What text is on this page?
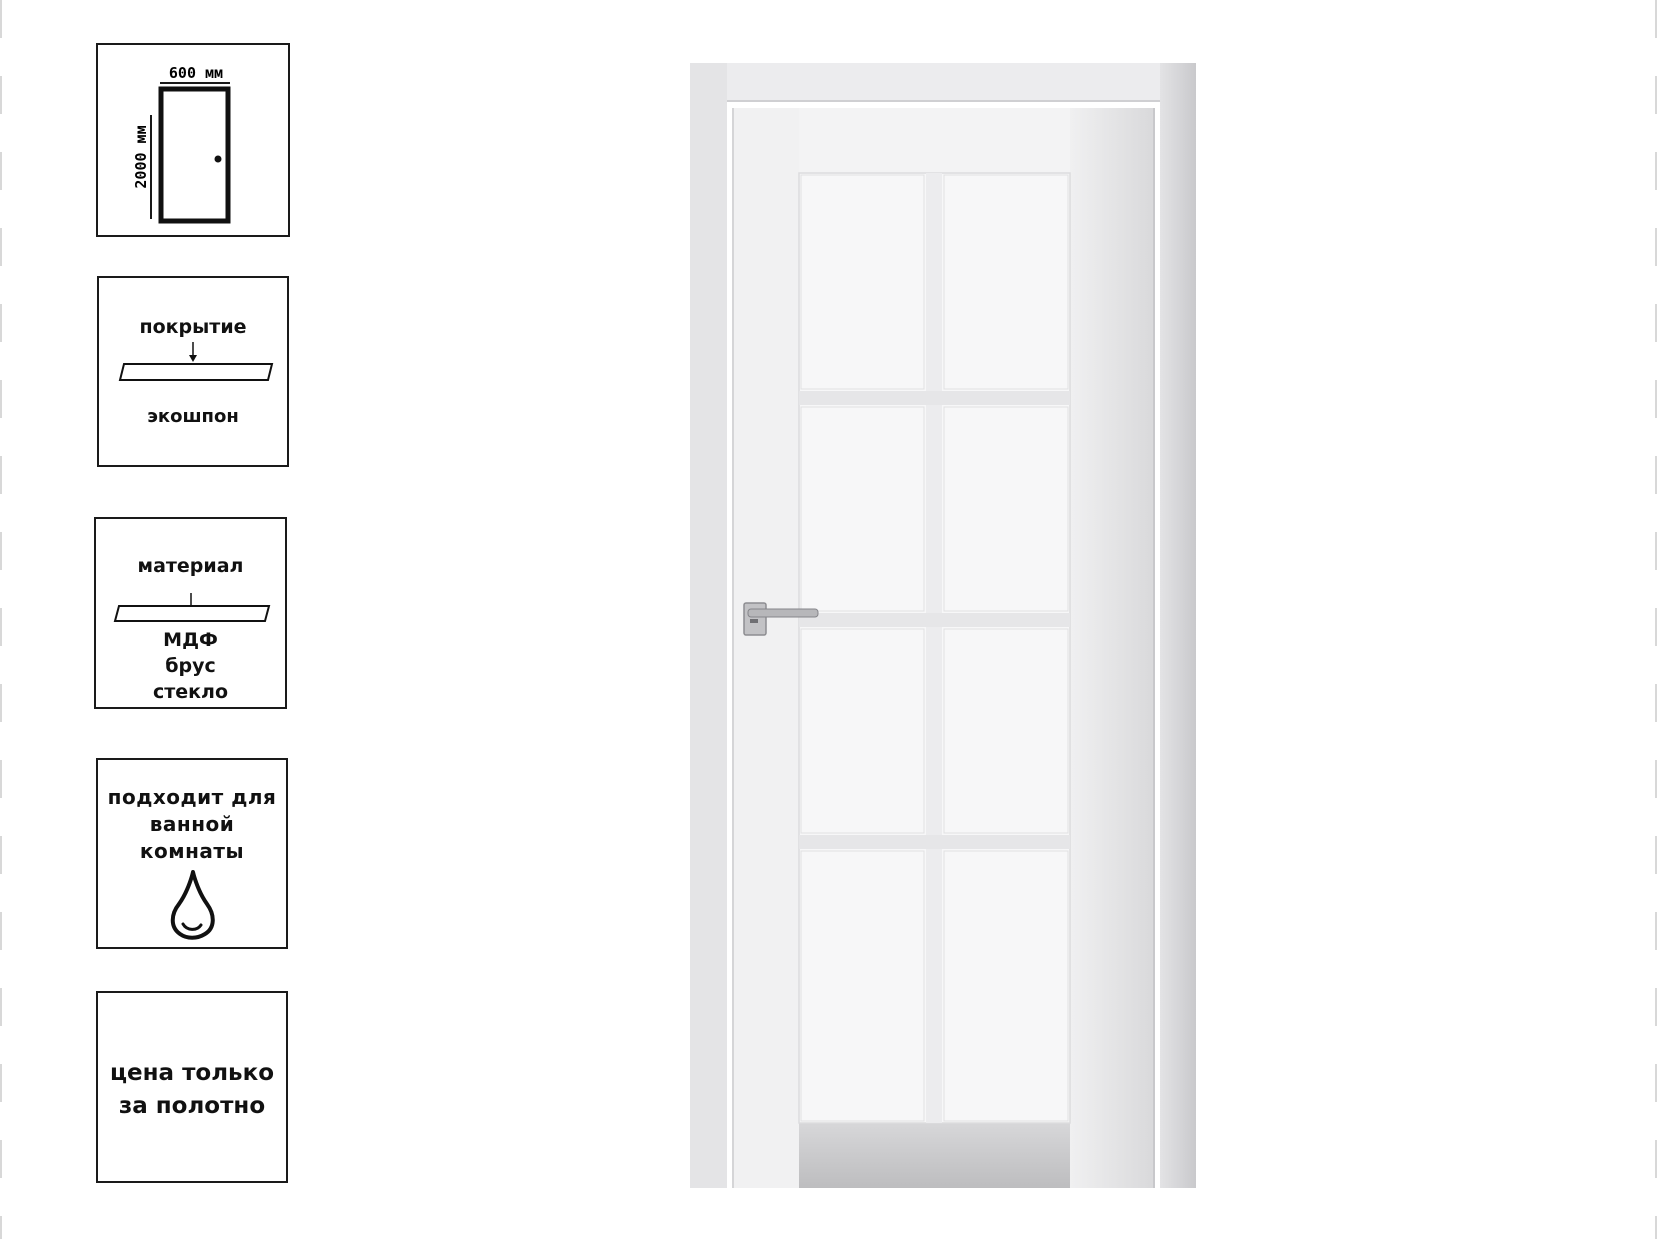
600 мм
2000 мм
покрытие
экошпон
материал
МДФ
брус
стекло
подходит для
ванной
комнаты
цена только
за полотно
